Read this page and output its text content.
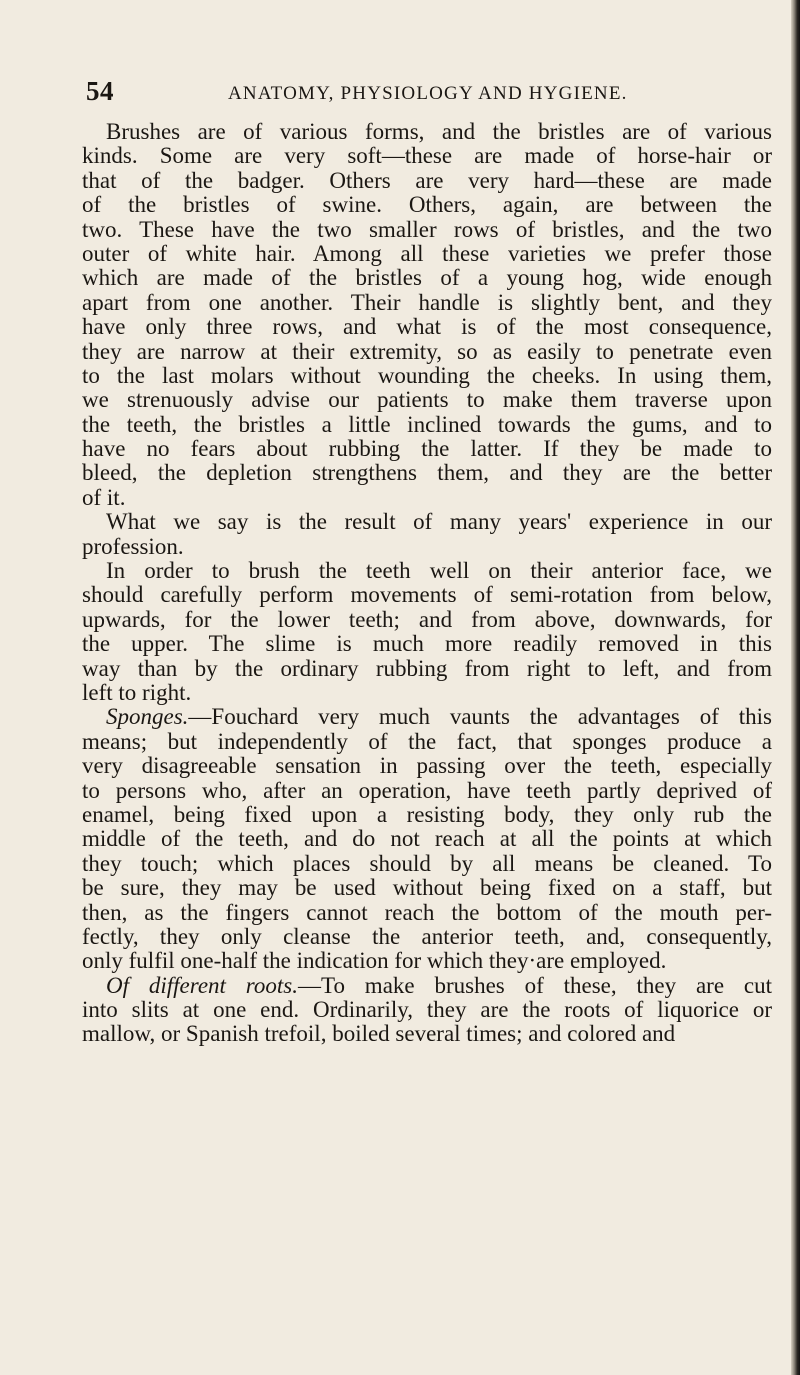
54	ANATOMY, PHYSIOLOGY AND HYGIENE.
Brushes are of various forms, and the bristles are of various
kinds. Some are very soft—these are made of horse-hair or
that of the badger. Others are very hard—these are made
of the bristles of swine. Others, again, are between the
two. These have the two smaller rows of bristles, and the two
outer of white hair. Among all these varieties we prefer those
which are made of the bristles of a young hog, wide enough
apart from one another. Their handle is slightly bent, and they
have only three rows, and what is of the most consequence,
they are narrow at their extremity, so as easily to penetrate even
to the last molars without wounding the cheeks. In using them,
we strenuously advise our patients to make them traverse upon
the teeth, the bristles a little inclined towards the gums, and to
have no fears about rubbing the latter. If they be made to
bleed, the depletion strengthens them, and they are the better
of it.
What we say is the result of many years' experience in our
profession.
In order to brush the teeth well on their anterior face, we
should carefully perform movements of semi-rotation from below,
upwards, for the lower teeth; and from above, downwards, for
the upper. The slime is much more readily removed in this
way than by the ordinary rubbing from right to left, and from
left to right.
Sponges.—Fouchard very much vaunts the advantages of this
means; but independently of the fact, that sponges produce a
very disagreeable sensation in passing over the teeth, especially
to persons who, after an operation, have teeth partly deprived of
enamel, being fixed upon a resisting body, they only rub the
middle of the teeth, and do not reach at all the points at which
they touch; which places should by all means be cleaned. To
be sure, they may be used without being fixed on a staff, but
then, as the fingers cannot reach the bottom of the mouth per-
fectly, they only cleanse the anterior teeth, and, consequently,
only fulfil one-half the indication for which they·are employed.
Of different roots.—To make brushes of these, they are cut
into slits at one end. Ordinarily, they are the roots of liquorice or
mallow, or Spanish trefoil, boiled several times; and colored and
